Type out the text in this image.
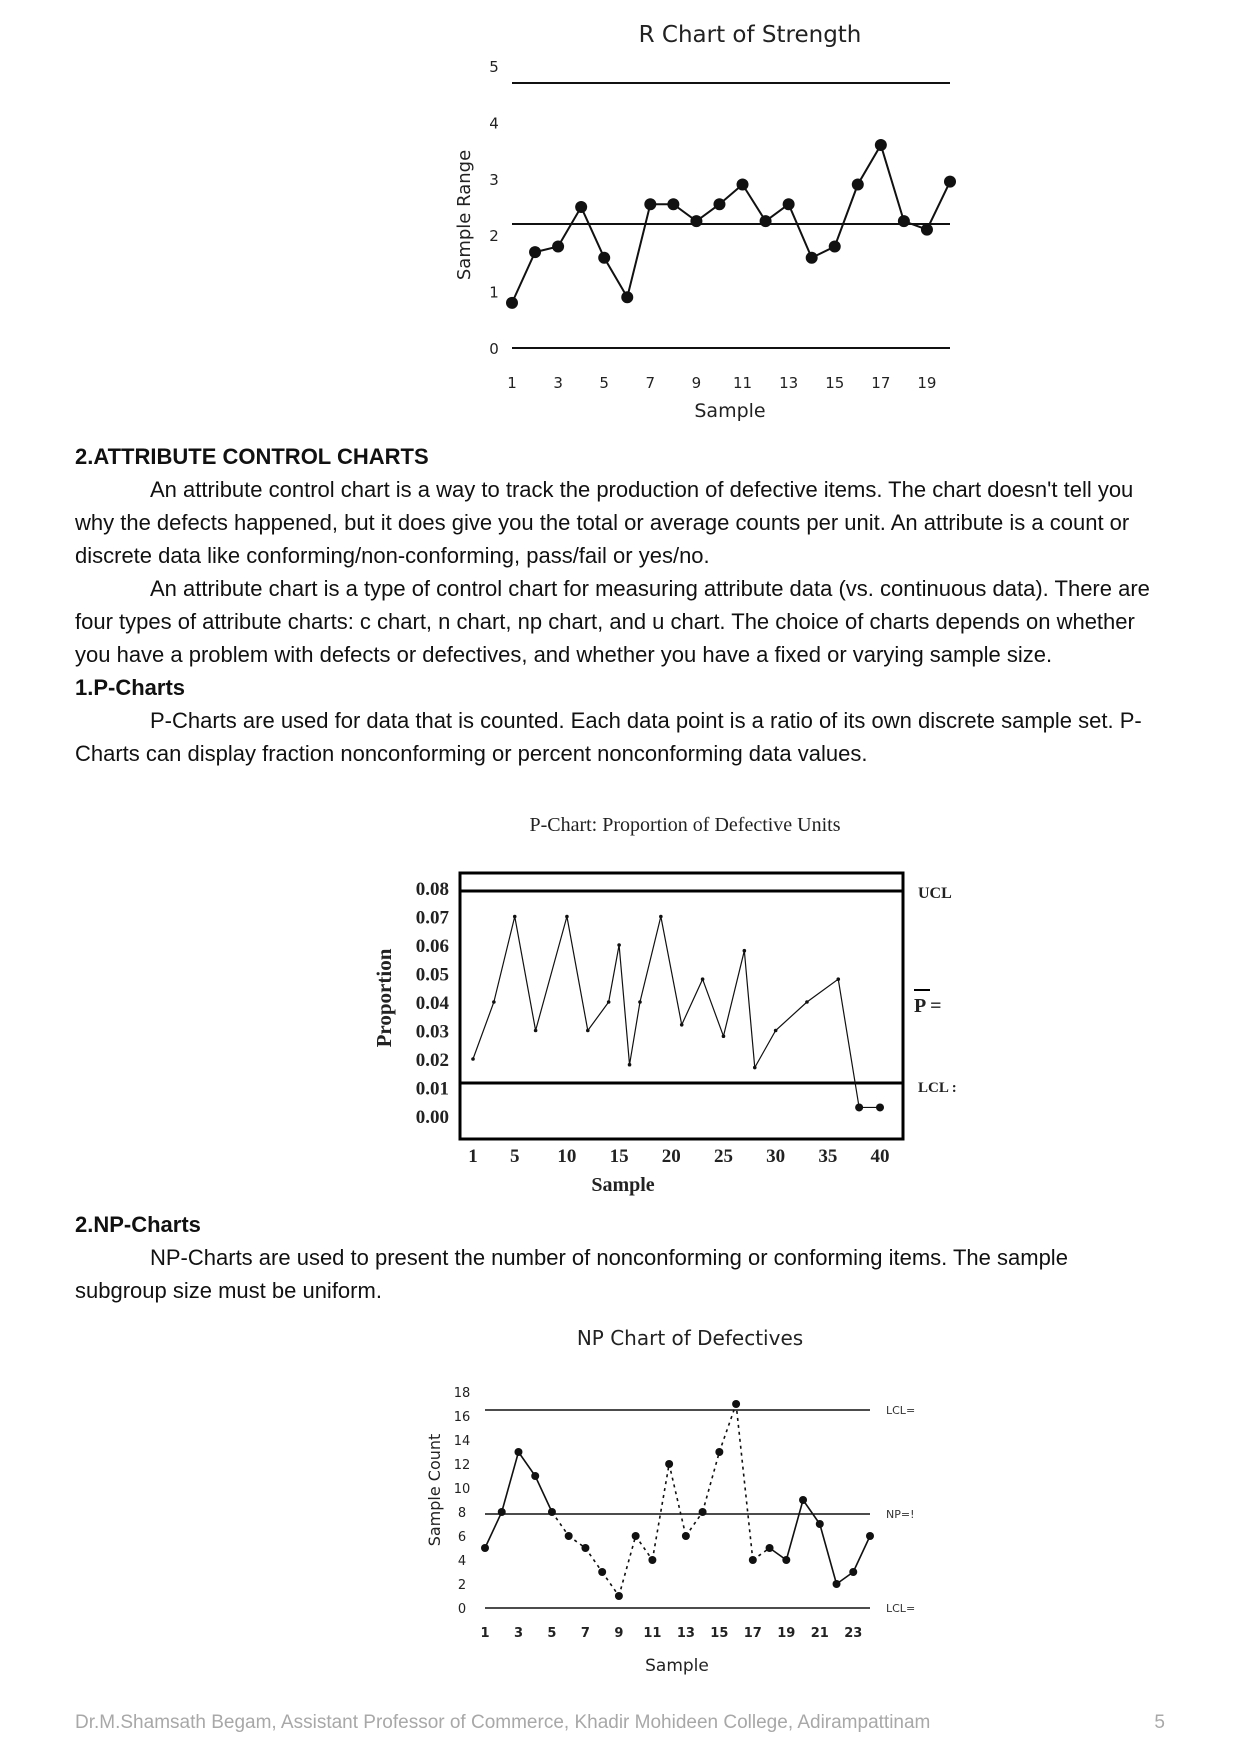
R Chart of Strength
Sample Range
Sample
0
1
2
3
4
5
1 3 5 7 9 11 13 15 17 19
2.ATTRIBUTE CONTROL CHARTS

An attribute control chart is a way to track the production of defective items. The chart doesn't tell you why the defects happened, but it does give you the total or average counts per unit. An attribute is a count or discrete data like conforming/non-conforming, pass/fail or yes/no.

An attribute chart is a type of control chart for measuring attribute data (vs. continuous data). There are four types of attribute charts: c chart, n chart, np chart, and u chart. The choice of charts depends on whether you have a problem with defects or defectives, and whether you have a fixed or varying sample size.

1.P-Charts

P-Charts are used for data that is counted. Each data point is a ratio of its own discrete sample set. P-Charts can display fraction nonconforming or percent nonconforming data values.

P-Chart: Proportion of Defective Units
Proportion
Sample
UCL
P =
LCL :
0.08
0.07
0.06
0.05
0.04
0.03
0.02
0.01
0.00
1 5 10 15 20 25 30 35 40
2.NP-Charts

NP-Charts are used to present the number of nonconforming or conforming items. The sample subgroup size must be uniform.

NP Chart of Defectives
Sample Count
Sample
LCL=
NP=!
LCL=
0
2
4
6
8
10
12
14
16
18
1 3 5 7 9 11 13 15 17 19 21 23
Dr.M.Shamsath Begam, Assistant Professor of Commerce, Khadir Mohideen College, Adirampattinam	5
